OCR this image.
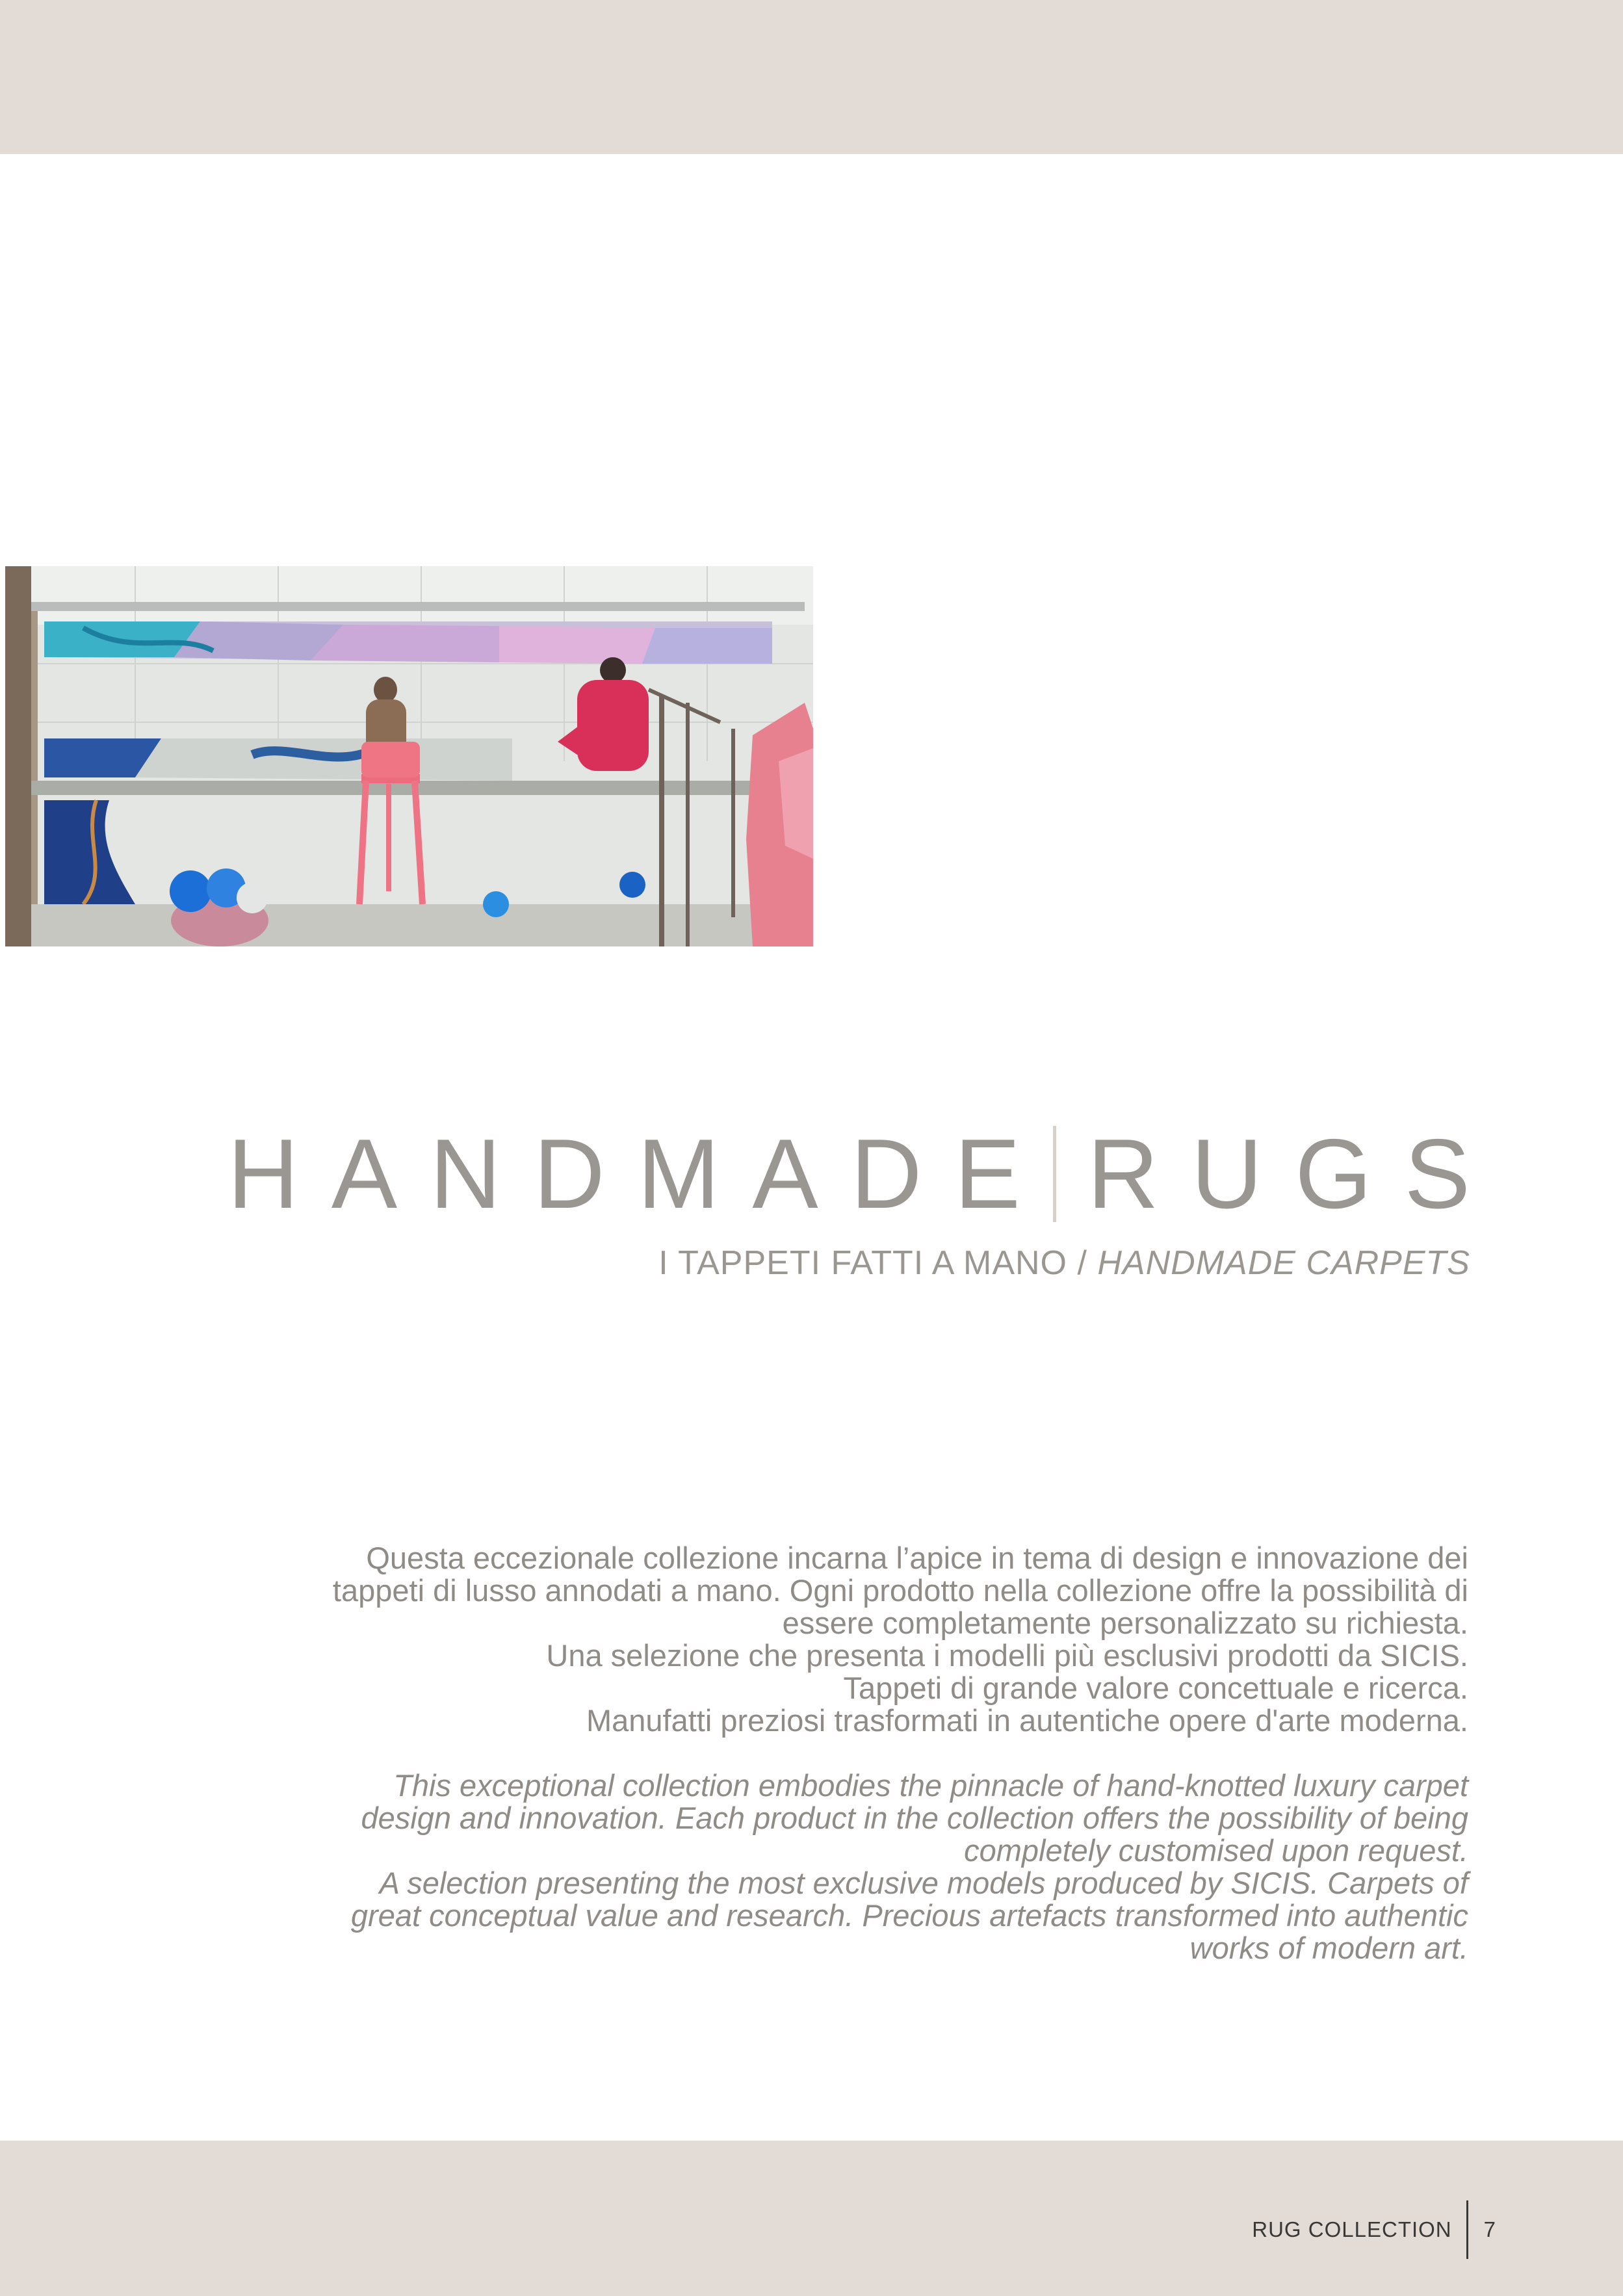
HANDMADE RUGS
I TAPPETI FATTI A MANO / HANDMADE CARPETS

Questa eccezionale collezione incarna l’apice in tema di design e innovazione dei

tappeti di lusso annodati a mano. Ogni prodotto nella collezione offre la possibilità di

essere completamente personalizzato su richiesta.

Una selezione che presenta i modelli più esclusivi prodotti da SICIS.

Tappeti di grande valore concettuale e ricerca.

Manufatti preziosi trasformati in autentiche opere d'arte moderna.

This exceptional collection embodies the pinnacle of hand-knotted luxury carpet

design and innovation. Each product in the collection offers the possibility of being

completely customised upon request.

A selection presenting the most exclusive models produced by SICIS. Carpets of

great conceptual value and research. Precious artefacts transformed into authentic

works of modern art.

RUG COLLECTION 7
